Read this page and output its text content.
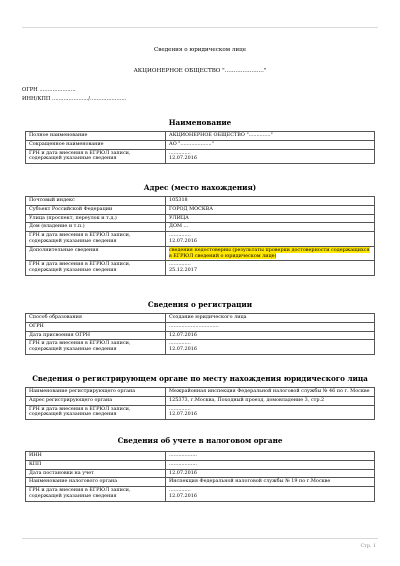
Сведения о юридическом лице
АКЦИОНЕРНОЕ ОБЩЕСТВО "......................"
ОГРН ......................
ИНН/КПП ....................../......................
Наименование
Полное наименование	АКЦИОНЕРНОЕ ОБЩЕСТВО ".............."
Сокращенное наименование	АО "...................."
ГРН и дата внесения в ЕГРЮЛ записи, содержащей указанные сведения	..............
12.07.2016
Адрес (место нахождения)
Почтовый индекс	105318
Субъект Российской Федерации	ГОРОД МОСКВА
Улица (проспект, переулок и т.д.)	УЛИЦА
Дом (владение и т.п.)	ДОМ ...
ГРН и дата внесения в ЕГРЮЛ записи, содержащей указанные сведения	..............
12.07.2016
Дополнительные сведения	сведения недостоверны (результаты проверки достоверности содержащихся в ЕГРЮЛ сведений о юридическом лице)
ГРН и дата внесения в ЕГРЮЛ записи, содержащей указанные сведения	..............
25.12.2017
Сведения о регистрации
Способ образования	Создание юридического лица
ОГРН	................................
Дата присвоения ОГРН	12.07.2016
ГРН и дата внесения в ЕГРЮЛ записи, содержащей указанные сведения	..............
12.07.2016
Сведения о регистрирующем органе по месту нахождения юридического лица
Наименование регистрирующего органа	Межрайонная инспекция Федеральной налоговой службы № 46 по г. Москве
Адрес регистрирующего органа	125373, г.Москва, Походный проезд, домовладение 3, стр.2
ГРН и дата внесения в ЕГРЮЛ записи, содержащей указанные сведения	..............
12.07.2016
Сведения об учете в налоговом органе
ИНН	..................
КПП	..................
Дата постановки на учет	12.07.2016
Наименование налогового органа	Инспекция Федеральной налоговой службы № 19 по г.Москве
ГРН и дата внесения в ЕГРЮЛ записи, содержащей указанные сведения	..............
12.07.2016
Стр. 1
